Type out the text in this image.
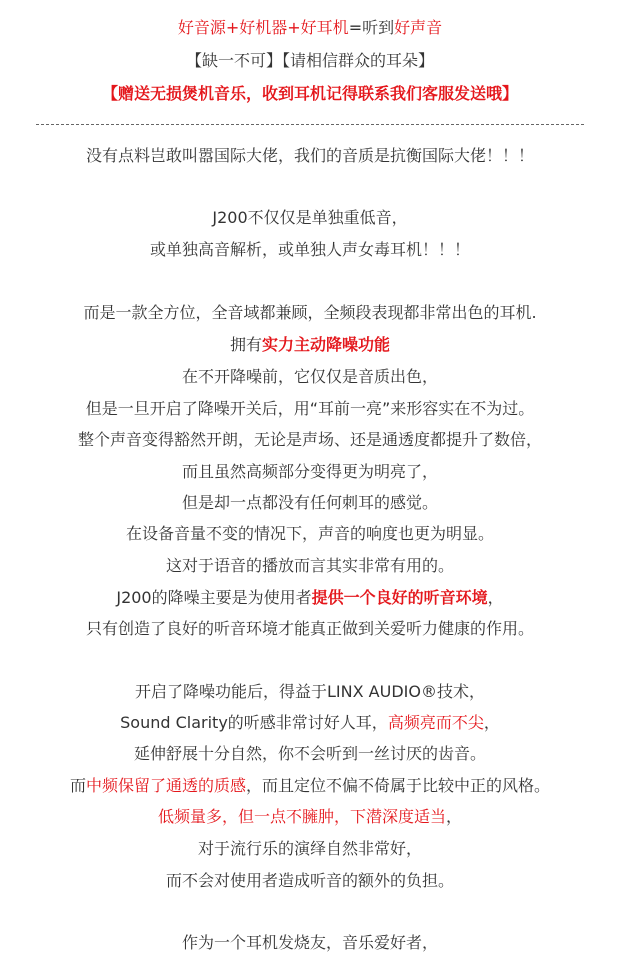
好音源+好机器+好耳机=听到好声音
【缺一不可】【请相信群众的耳朵】
【赠送无损煲机音乐，收到耳机记得联系我们客服发送哦】
没有点料岂敢叫嚣国际大佬，我们的音质是抗衡国际大佬！！！
J200不仅仅是单独重低音，
或单独高音解析，或单独人声女毒耳机！！！
而是一款全方位，全音域都兼顾，全频段表现都非常出色的耳机.
拥有实力主动降噪功能
在不开降噪前，它仅仅是音质出色，
但是一旦开启了降噪开关后，用“耳前一亮”来形容实在不为过。
整个声音变得豁然开朗，无论是声场、还是通透度都提升了数倍，
而且虽然高频部分变得更为明亮了，
但是却一点都没有任何刺耳的感觉。
在设备音量不变的情况下，声音的响度也更为明显。
这对于语音的播放而言其实非常有用的。
J200的降噪主要是为使用者提供一个良好的听音环境，
只有创造了良好的听音环境才能真正做到关爱听力健康的作用。
开启了降噪功能后，得益于LINX AUDIO®技术，
Sound Clarity的听感非常讨好人耳，高频亮而不尖，
延伸舒展十分自然，你不会听到一丝讨厌的齿音。
而中频保留了通透的质感，而且定位不偏不倚属于比较中正的风格。
低频量多，但一点不臃肿，下潜深度适当，
对于流行乐的演绎自然非常好，
而不会对使用者造成听音的额外的负担。
作为一个耳机发烧友，音乐爱好者，
